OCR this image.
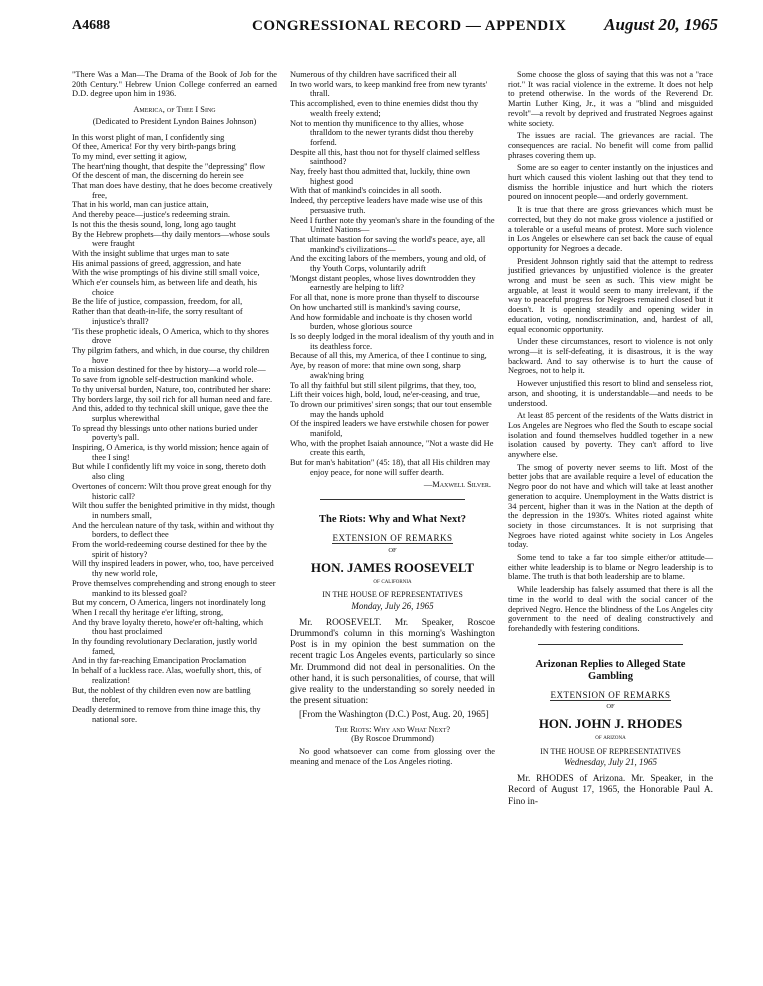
A4688	CONGRESSIONAL RECORD — APPENDIX August 20, 1965

"There Was a Man—The Drama of the Book of Job for the 20th Century." Hebrew Union College conferred an earned D.D. degree upon him in 1936.

America, of Thee I Sing
(Dedicated to President Lyndon Baines Johnson)
In this worst plight of man, I confidently sing
Of thee, America! For thy very birth-pangs bring
To my mind, ever setting it agiow,
The heart'ning thought, that despite the "depressing" flow
Of the descent of man, the discerning do herein see
That man does have destiny, that he does become creatively free,
That in his world, man can justice attain,
And thereby peace—justice's redeeming strain.
Is not this the thesis sound, long, long ago taught
By the Hebrew prophets—thy daily mentors—whose souls were fraught
With the insight sublime that urges man to sate
His animal passions of greed, aggression, and hate
With the wise promptings of his divine still small voice,
Which e'er counsels him, as between life and death, his choice
Be the life of justice, compassion, freedom, for all,
Rather than that death-in-life, the sorry resultant of injustice's thrall?
'Tis these prophetic ideals, O America, which to thy shores drove
Thy pilgrim fathers, and which, in due course, thy children hove
To a mission destined for thee by history—a world role—
To save from ignoble self-destruction mankind whole.
To thy universal burden, Nature, too, contributed her share:
Thy borders large, thy soil rich for all human need and fare.
And this, added to thy technical skill unique, gave thee the surplus wherewithal
To spread thy blessings unto other nations buried under poverty's pall.
Inspiring, O America, is thy world mission; hence again of thee I sing!
But while I confidently lift my voice in song, thereto doth also cling
Overtones of concern: Wilt thou prove great enough for thy historic call?
Wilt thou suffer the benighted primitive in thy midst, though in numbers small,
And the herculean nature of thy task, within and without thy borders, to deflect thee
From the world-redeeming course destined for thee by the spirit of history?
Will thy inspired leaders in power, who, too, have perceived thy new world role,
Prove themselves comprehending and strong enough to steer mankind to its blessed goal?
But my concern, O America, lingers not inordinately long
When I recall thy heritage e'er lifting, strong,
And thy brave loyalty thereto, howe'er oft-halting, which thou hast proclaimed
In thy founding revolutionary Declaration, justly world famed,
And in thy far-reaching Emancipation Proclamation
In behalf of a luckless race. Alas, woefully short, this, of realization!
But, the noblest of thy children even now are battling therefor,
Deadly determined to remove from thine image this, thy national sore.
Numerous of thy children have sacrificed their all
In two world wars, to keep mankind free from new tyrants' thrall.
This accomplished, even to thine enemies didst thou thy wealth freely extend;
Not to mention thy munificence to thy allies, whose thralldom to the newer tyrants didst thou thereby forfend.
Despite all this, hast thou not for thyself claimed selfless sainthood?
Nay, freely hast thou admitted that, luckily, thine own highest good
With that of mankind's coincides in all sooth.
Indeed, thy perceptive leaders have made wise use of this persuasive truth.
Need I further note thy yeoman's share in the founding of the United Nations—
That ultimate bastion for saving the world's peace, aye, all mankind's civilizations—
And the exciting labors of the members, young and old, of thy Youth Corps, voluntarily adrift
'Mongst distant peoples, whose lives downtrodden they earnestly are helping to lift?
For all that, none is more prone than thyself to discourse
On how uncharted still is mankind's saving course,
And how formidable and inchoate is thy chosen world burden, whose glorious source
Is so deeply lodged in the moral idealism of thy youth and in its deathless force.
Because of all this, my America, of thee I continue to sing,
Aye, by reason of more: that mine own song, sharp awak'ning bring
To all thy faithful but still silent pilgrims, that they, too,
Lift their voices high, bold, loud, ne'er-ceasing, and true,
To drown our primitives' siren songs; that our tout ensemble may the hands uphold
Of the inspired leaders we have erstwhile chosen for power manifold,
Who, with the prophet Isaiah announce, "Not a waste did He create this earth,
But for man's habitation" (45: 18), that all His children may enjoy peace, for none will suffer dearth.
—Maxwell Silver.
The Riots: Why and What Next?
EXTENSION OF REMARKS
OF
HON. JAMES ROOSEVELT
of california
IN THE HOUSE OF REPRESENTATIVES
Monday, July 26, 1965

Mr. ROOSEVELT. Mr. Speaker, Roscoe Drummond's column in this morning's Washington Post is in my opinion the best summation on the recent tragic Los Angeles events, particularly so since Mr. Drummond did not deal in personalities. On the other hand, it is such personalities, of course, that will give reality to the understanding so sorely needed in the present situation:

[From the Washington (D.C.) Post, Aug. 20, 1965]

The Riots: Why and What Next?
(By Roscoe Drummond)

No good whatsoever can come from glossing over the meaning and menace of the Los Angeles rioting.

Some choose the gloss of saying that this was not a "race riot." It was racial violence in the extreme. It does not help to pretend otherwise. In the words of the Reverend Dr. Martin Luther King, Jr., it was a "blind and misguided revolt"—a revolt by deprived and frustrated Negroes against white society.

The issues are racial. The grievances are racial. The consequences are racial. No benefit will come from pallid phrases covering them up.

Some are so eager to center instantly on the injustices and hurt which caused this violent lashing out that they tend to dismiss the horrible injustice and hurt which the rioters poured on innocent people—and orderly government.

It is true that there are gross grievances which must be corrected, but they do not make gross violence a justified or a tolerable or a useful means of protest. More such violence in Los Angeles or elsewhere can set back the cause of equal opportunity for Negroes a decade.

President Johnson rightly said that the attempt to redress justified grievances by unjustified violence is the greater wrong and must be seen as such. This view might be arguable, at least it would seem to many irrelevant, if the way to peaceful progress for Negroes remained closed but it doesn't. It is opening steadily and opening wider in education, voting, nondiscrimination, and, hardest of all, equal economic opportunity.

Under these circumstances, resort to violence is not only wrong—it is self-defeating, it is disastrous, it is the way backward. And to say otherwise is to hurt the cause of Negroes, not to help it.

However unjustified this resort to blind and senseless riot, arson, and shooting, it is understandable—and needs to be understood.

At least 85 percent of the residents of the Watts district in Los Angeles are Negroes who fled the South to escape social isolation and found themselves huddled together in a new isolation caused by poverty. They can't afford to live anywhere else.

The smog of poverty never seems to lift. Most of the better jobs that are available require a level of education the Negro poor do not have and which will take at least another generation to acquire. Unemployment in the Watts district is 34 percent, higher than it was in the Nation at the depth of the depression in the 1930's. Whites rioted against white society in those circumstances. It is not surprising that Negroes have rioted against white society in Los Angeles today.

Some tend to take a far too simple either/or attitude—either white leadership is to blame or Negro leadership is to blame. The truth is that both leadership are to blame.

While leadership has falsely assumed that there is all the time in the world to deal with the social cancer of the deprived Negro. Hence the blindness of the Los Angeles city government to the need of dealing constructively and forehandedly with festering conditions.

Arizonan Replies to Alleged State Gambling
EXTENSION OF REMARKS
OF
HON. JOHN J. RHODES
of arizona
IN THE HOUSE OF REPRESENTATIVES
Wednesday, July 21, 1965

Mr. RHODES of Arizona. Mr. Speaker, in the Record of August 17, 1965, the Honorable Paul A. Fino in-
